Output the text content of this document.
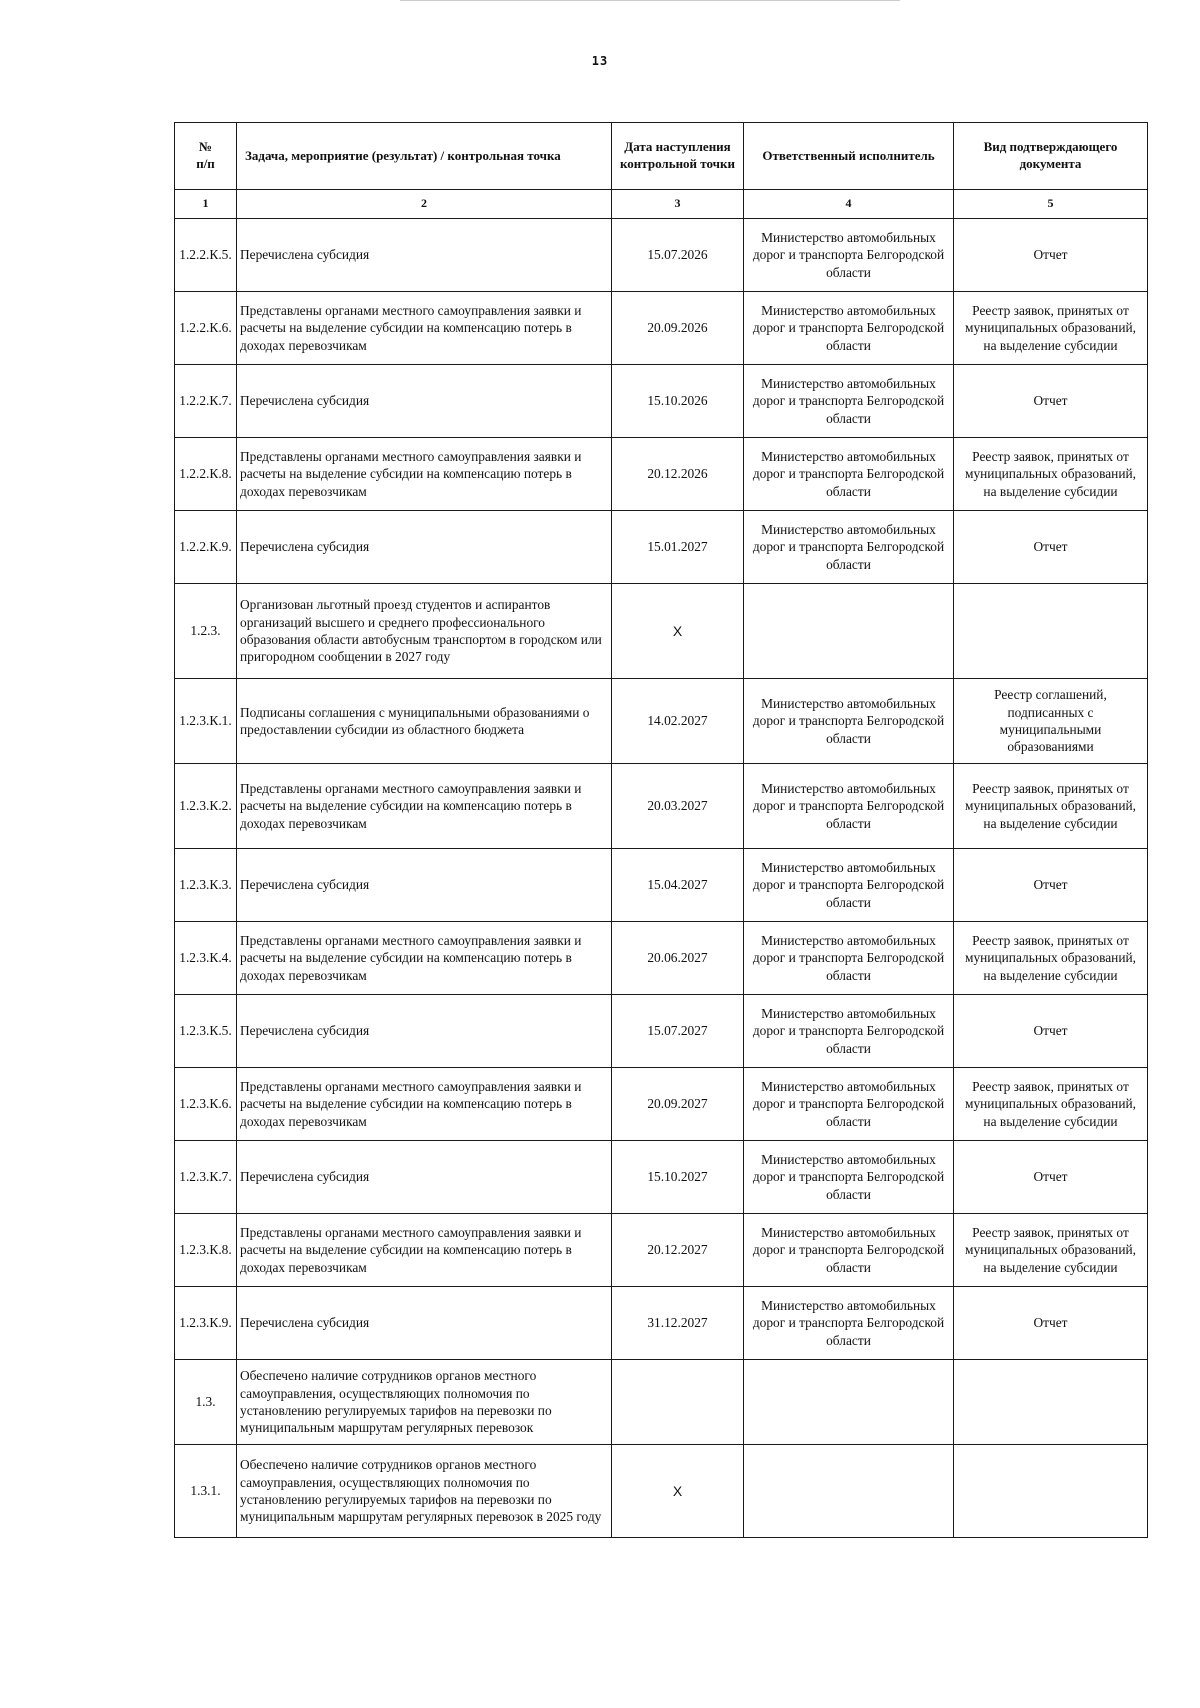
13
№
п/п	Задача, мероприятие (результат) / контрольная точка	Дата наступления контрольной точки	Ответственный исполнитель	Вид подтверждающего документа
1	2	3	4	5
1.2.2.К.5.	Перечислена субсидия	15.07.2026	Министерство автомобильных дорог и транспорта Белгородской области	Отчет
1.2.2.К.6.	Представлены органами местного самоуправления заявки и расчеты на выделение субсидии на компенсацию потерь в доходах перевозчикам	20.09.2026	Министерство автомобильных дорог и транспорта Белгородской области	Реестр заявок, принятых от муниципальных образований, на выделение субсидии
1.2.2.К.7.	Перечислена субсидия	15.10.2026	Министерство автомобильных дорог и транспорта Белгородской области	Отчет
1.2.2.К.8.	Представлены органами местного самоуправления заявки и расчеты на выделение субсидии на компенсацию потерь в доходах перевозчикам	20.12.2026	Министерство автомобильных дорог и транспорта Белгородской области	Реестр заявок, принятых от муниципальных образований, на выделение субсидии
1.2.2.К.9.	Перечислена субсидия	15.01.2027	Министерство автомобильных дорог и транспорта Белгородской области	Отчет
1.2.3.	Организован льготный проезд студентов и аспирантов организаций высшего и среднего профессионального образования области автобусным транспортом в городском или пригородном сообщении в 2027 году	X		
1.2.3.К.1.	Подписаны соглашения с муниципальными образованиями о предоставлении субсидии из областного бюджета	14.02.2027	Министерство автомобильных дорог и транспорта Белгородской области	Реестр соглашений, подписанных с муниципальными образованиями
1.2.3.К.2.	Представлены органами местного самоуправления заявки и расчеты на выделение субсидии на компенсацию потерь в доходах перевозчикам	20.03.2027	Министерство автомобильных дорог и транспорта Белгородской области	Реестр заявок, принятых от муниципальных образований, на выделение субсидии
1.2.3.К.3.	Перечислена субсидия	15.04.2027	Министерство автомобильных дорог и транспорта Белгородской области	Отчет
1.2.3.К.4.	Представлены органами местного самоуправления заявки и расчеты на выделение субсидии на компенсацию потерь в доходах перевозчикам	20.06.2027	Министерство автомобильных дорог и транспорта Белгородской области	Реестр заявок, принятых от муниципальных образований, на выделение субсидии
1.2.3.К.5.	Перечислена субсидия	15.07.2027	Министерство автомобильных дорог и транспорта Белгородской области	Отчет
1.2.3.К.6.	Представлены органами местного самоуправления заявки и расчеты на выделение субсидии на компенсацию потерь в доходах перевозчикам	20.09.2027	Министерство автомобильных дорог и транспорта Белгородской области	Реестр заявок, принятых от муниципальных образований, на выделение субсидии
1.2.3.К.7.	Перечислена субсидия	15.10.2027	Министерство автомобильных дорог и транспорта Белгородской области	Отчет
1.2.3.К.8.	Представлены органами местного самоуправления заявки и расчеты на выделение субсидии на компенсацию потерь в доходах перевозчикам	20.12.2027	Министерство автомобильных дорог и транспорта Белгородской области	Реестр заявок, принятых от муниципальных образований, на выделение субсидии
1.2.3.К.9.	Перечислена субсидия	31.12.2027	Министерство автомобильных дорог и транспорта Белгородской области	Отчет
1.3.	Обеспечено наличие сотрудников органов местного самоуправления, осуществляющих полномочия по установлению регулируемых тарифов на перевозки по муниципальным маршрутам регулярных перевозок			
1.3.1.	Обеспечено наличие сотрудников органов местного самоуправления, осуществляющих полномочия по установлению регулируемых тарифов на перевозки по муниципальным маршрутам регулярных перевозок в 2025 году	X		
